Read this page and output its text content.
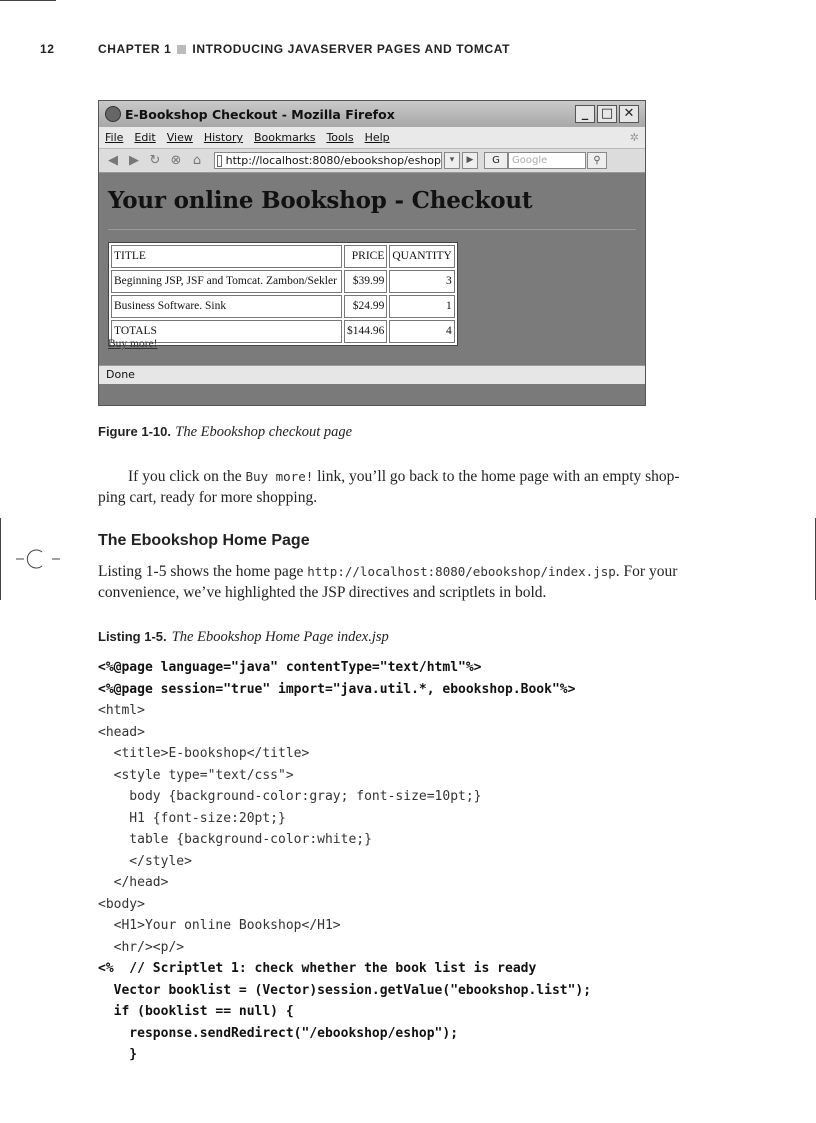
12	CHAPTER 1 INTRODUCING JAVASERVER PAGES AND TOMCAT
E-Bookshop Checkout - Mozilla Firefox	_ □ ✕
File Edit View History Bookmarks Tools Help	✲
◀ ▶ ↻ ⊗ ⌂	http://localhost:8080/ebookshop/eshop ▾	▶	G	Google	⚲
Your online Bookshop - Checkout
TITLE	PRICE	QUANTITY
Beginning JSP, JSF and Tomcat. Zambon/Sekler	$39.99	3
Business Software. Sink	$24.99	1
TOTALS	$144.96	4
Buy more!
Done
Figure 1-10. The Ebookshop checkout page
If you click on the Buy more! link, you’ll go back to the home page with an empty shop-
ping cart, ready for more shopping.
The Ebookshop Home Page
Listing 1-5 shows the home page http://localhost:8080/ebookshop/index.jsp. For your
convenience, we’ve highlighted the JSP directives and scriptlets in bold.
Listing 1-5. The Ebookshop Home Page index.jsp
<%@page language="java" contentType="text/html"%>
<%@page session="true" import="java.util.*, ebookshop.Book"%>
<html>
<head>
<title>E-bookshop</title>
<style type="text/css">
body {background-color:gray; font-size=10pt;}
H1 {font-size:20pt;}
table {background-color:white;}
</style>
</head>
<body>
<H1>Your online Bookshop</H1>
<hr/><p/>
<%  // Scriptlet 1: check whether the book list is ready
Vector booklist = (Vector)session.getValue("ebookshop.list");
if (booklist == null) {
response.sendRedirect("/ebookshop/eshop");
}
